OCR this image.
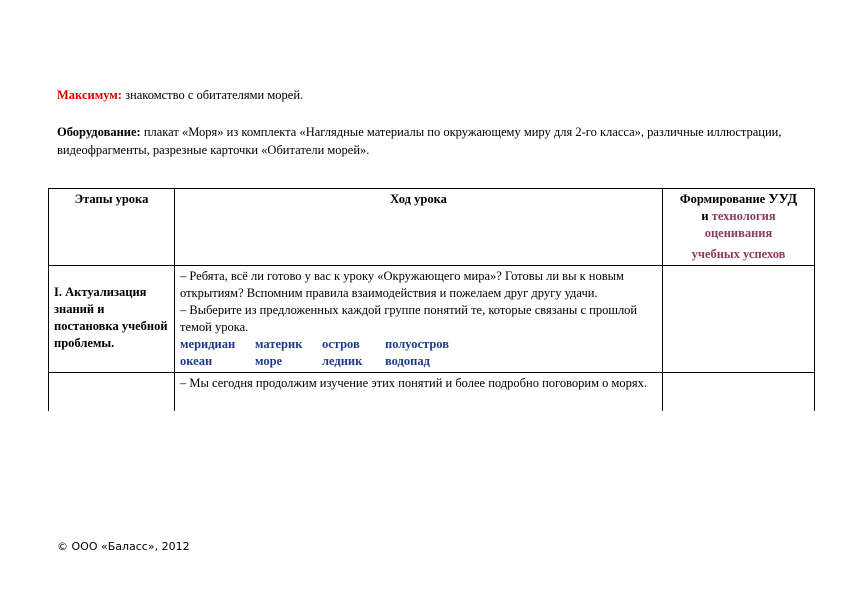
Максимум: знакомство с обитателями морей.
Оборудование: плакат «Моря» из комплекта «Наглядные материалы по окружающему миру для 2-го класса», различные иллюстрации, видеофрагменты, разрезные карточки «Обитатели морей».
Этапы урока	Ход урока	Формирование УУД
и технология оценивания
учебных успехов

I. Актуализация знаний и постановка учебной проблемы.	– Ребята, всё ли готово у вас к уроку «Окружающего мира»? Готовы ли вы к новым открытиям? Вспомним правила взаимодействия и пожелаем друг другу удачи.
– Выберите из предложенных каждой группе понятий те, которые связаны с прошлой темой урока.
меридиан материк остров полуостров
океан море ледник водопад	

	– Мы сегодня продолжим изучение этих понятий и более подробно поговорим о морях.	
© ООО «Баласс», 2012
